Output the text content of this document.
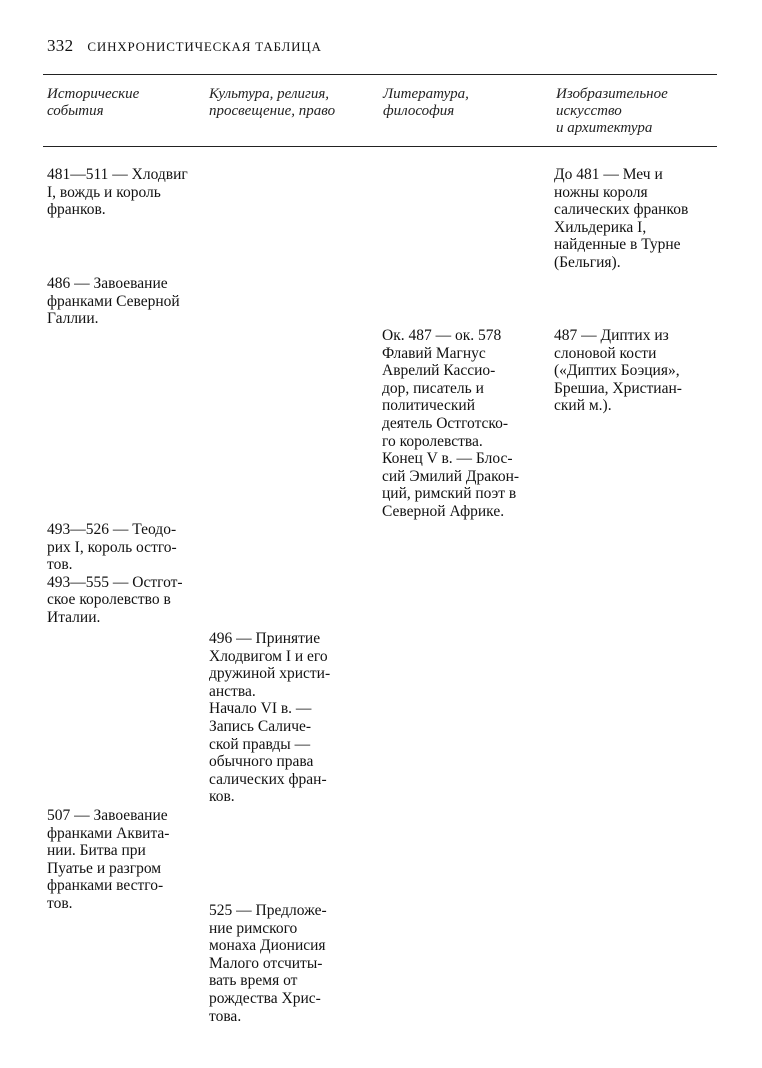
332 СИНХРОНИСТИЧЕСКАЯ ТАБЛИЦА
Исторические
события
Культура, религия,
просвещение, право
Литература,
философия
Изобразительное
искусство
и архитектура
481—511 — Хлодвиг
I, вождь и король
франков.
486 — Завоевание
франками Северной
Галлии.
493—526 — Теодо-
рих I, король остго-
тов.
493—555 — Остгот-
ское королевство в
Италии.
507 — Завоевание
франками Аквита-
нии. Битва при
Пуатье и разгром
франками вестго-
тов.
496 — Принятие
Хлодвигом I и его
дружиной христи-
анства.
Начало VI в. —
Запись Саличе-
ской правды —
обычного права
салических фран-
ков.
525 — Предложе-
ние римского
монаха Дионисия
Малого отсчиты-
вать время от
рождества Хрис-
това.
Ок. 487 — ок. 578
Флавий Магнус
Аврелий Кассио-
дор, писатель и
политический
деятель Остготско-
го королевства.
Конец V в. — Блос-
сий Эмилий Дракон-
ций, римский поэт в
Северной Африке.
До 481 — Меч и
ножны короля
салических франков
Хильдерика I,
найденные в Турне
(Бельгия).
487 — Диптих из
слоновой кости
(«Диптих Боэция»,
Брешиа, Христиан-
ский м.).
